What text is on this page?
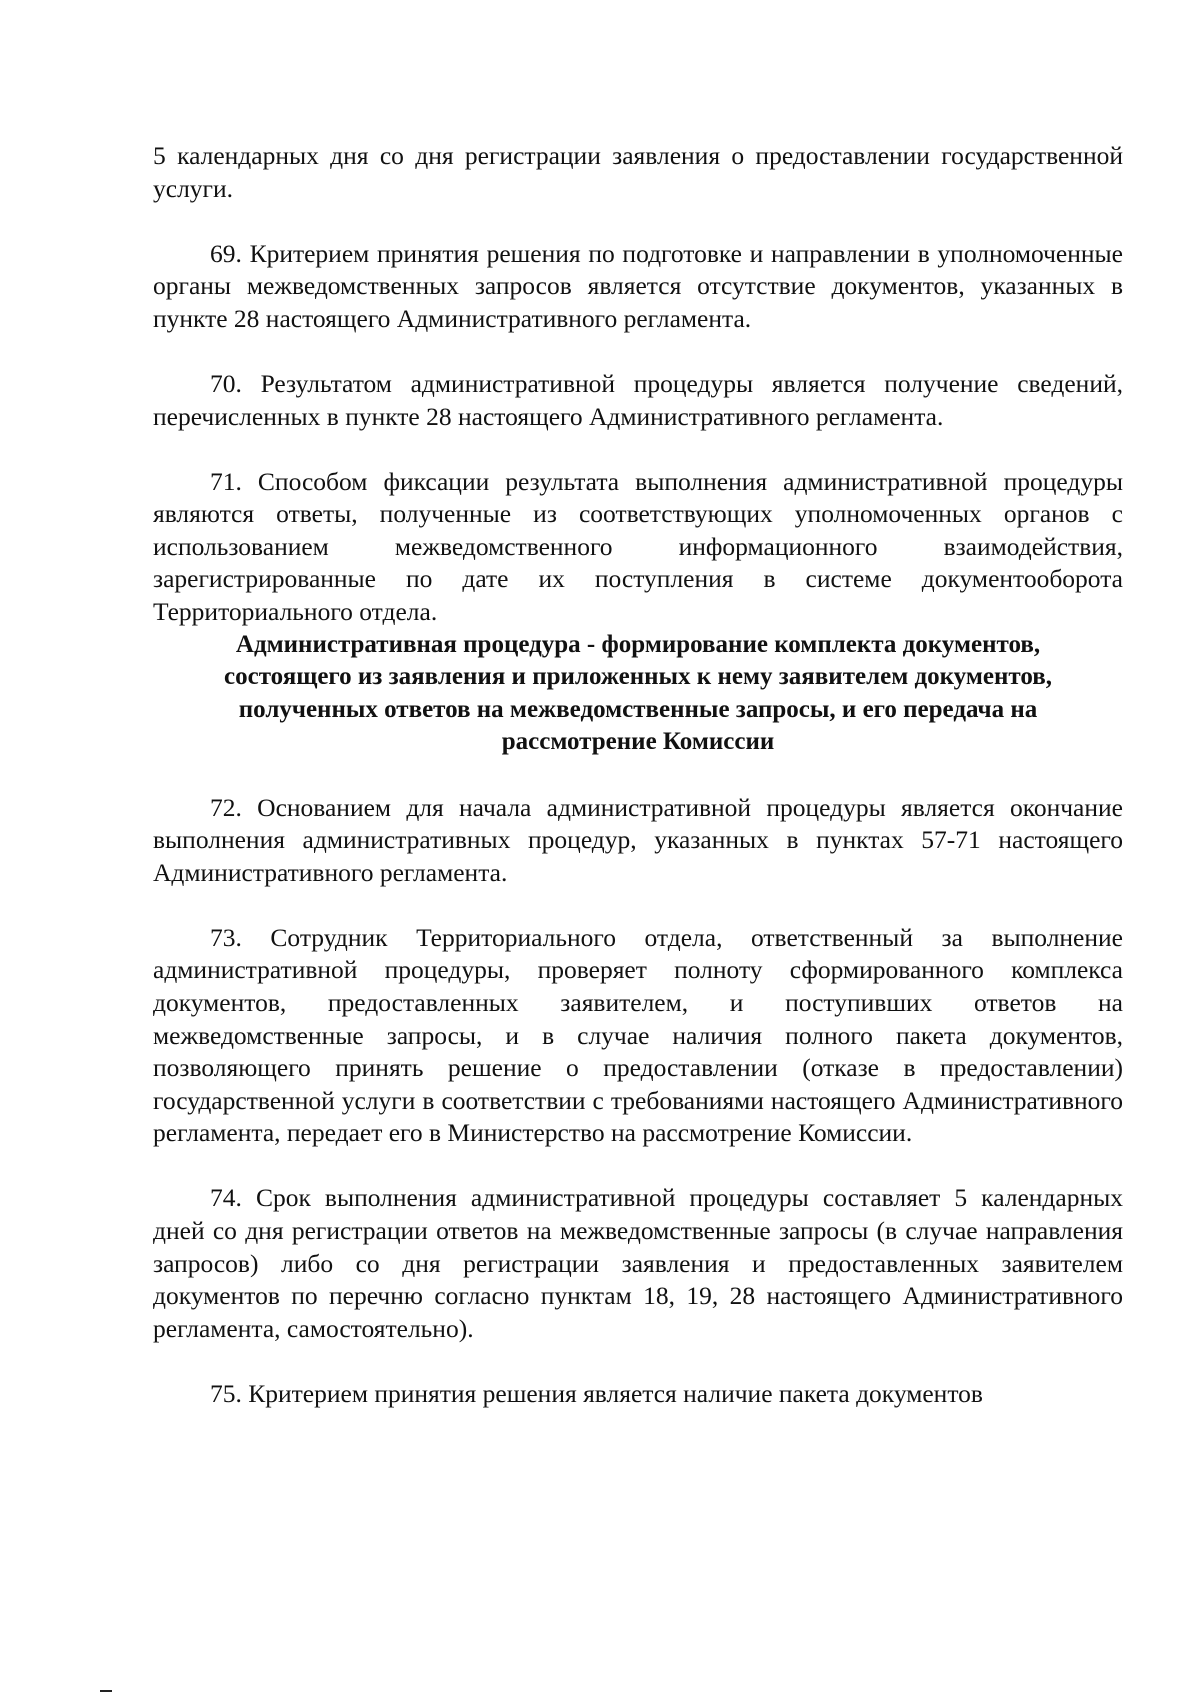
5 календарных дня со дня регистрации заявления о предоставлении государственной услуги.

69. Критерием принятия решения по подготовке и направлении в уполномоченные органы межведомственных запросов является отсутствие документов, указанных в пункте 28 настоящего Административного регламента.

70. Результатом административной процедуры является получение сведений, перечисленных в пункте 28 настоящего Административного регламента.

71. Способом фиксации результата выполнения административной процедуры являются ответы, полученные из соответствующих уполномоченных органов с использованием межведомственного информационного взаимодействия, зарегистрированные по дате их поступления в системе документооборота Территориального отдела.

Административная процедура - формирование комплекта документов, состоящего из заявления и приложенных к нему заявителем документов, полученных ответов на межведомственные запросы, и его передача на рассмотрение Комиссии

72. Основанием для начала административной процедуры является окончание выполнения административных процедур, указанных в пунктах 57-71 настоящего Административного регламента.

73. Сотрудник Территориального отдела, ответственный за выполнение административной процедуры, проверяет полноту сформированного комплекса документов, предоставленных заявителем, и поступивших ответов на межведомственные запросы, и в случае наличия полного пакета документов, позволяющего принять решение о предоставлении (отказе в предоставлении) государственной услуги в соответствии с требованиями настоящего Административного регламента, передает его в Министерство на рассмотрение Комиссии.

74. Срок выполнения административной процедуры составляет 5 календарных дней со дня регистрации ответов на межведомственные запросы (в случае направления запросов) либо со дня регистрации заявления и предоставленных заявителем документов по перечню согласно пунктам 18, 19, 28 настоящего Административного регламента, самостоятельно).

75. Критерием принятия решения является наличие пакета документов
